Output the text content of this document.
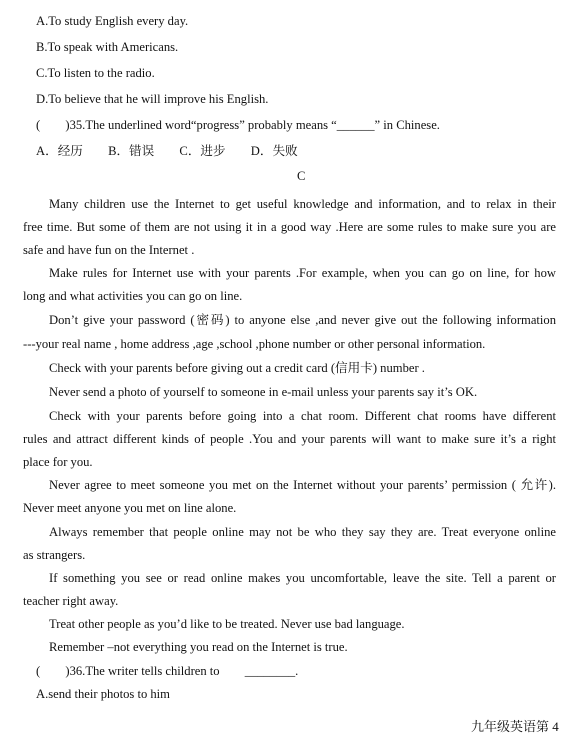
A.To study English every day.
B.To speak with Americans.
C.To listen to the radio.
D.To believe that he will improve his English.
(  )35.The underlined word“progress” probably means “______” in Chinese.
A．经历  B．错误  C．进步  D．失败
C
Many children use the Internet to get useful knowledge and information, and to relax in their
free time. But some of them are not using it in a good way .Here are some rules to make sure you are
safe and have fun on the Internet .
Make rules for Internet use with your parents .For example, when you can go on line, for how
long and what activities you can go on line.
Don’t give your password (密码) to anyone else ,and never give out the following information
---your real name , home address ,age ,school ,phone number or other personal information.
Check with your parents before giving out a credit card (信用卡) number .
Never send a photo of yourself to someone in e-mail unless your parents say it’s OK.
Check with your parents before going into a chat room. Different chat rooms have different
rules and attract different kinds of people .You and your parents will want to make sure it’s a right
place for you.
Never agree to meet someone you met on the Internet without your parents’ permission ( 允许).
Never meet anyone you met on line alone.
Always remember that people online may not be who they say they are. Treat everyone online
as strangers.
If something you see or read online makes you uncomfortable, leave the site. Tell a parent or
teacher right away.
Treat other people as you’d like to be treated. Never use bad language.
Remember –not everything you read on the Internet is true.
(  )36.The writer tells children to  ________.
A.send their photos to him
九年级英语第 4
